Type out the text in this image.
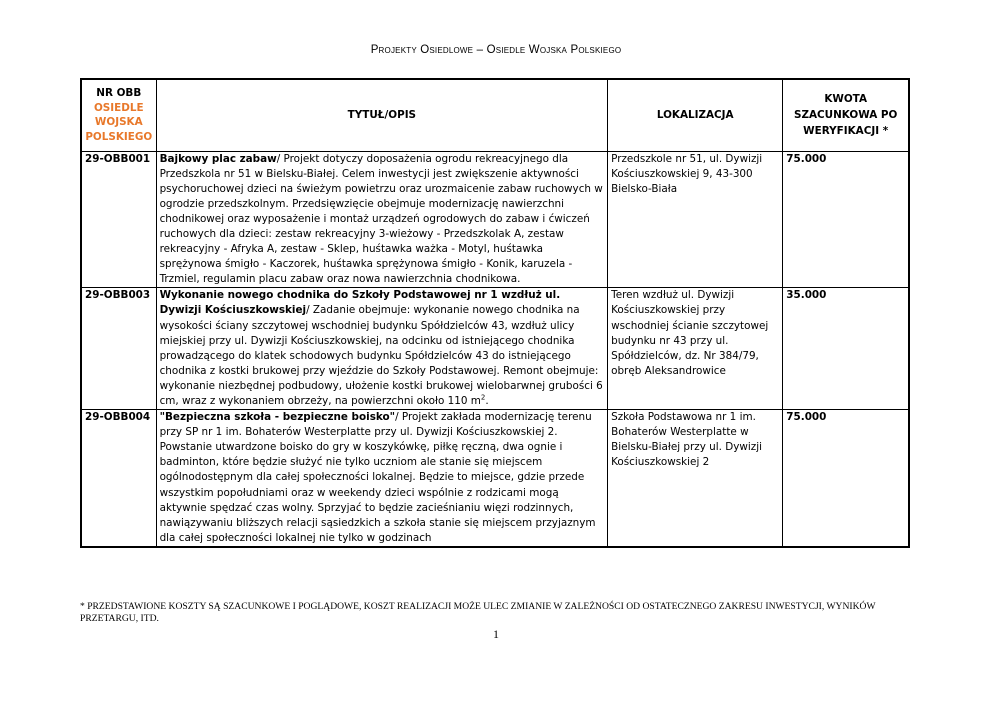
Projekty Osiedlowe – Osiedle Wojska Polskiego
NR OBB
OSIEDLE WOJSKA POLSKIEGO	TYTUŁ/OPIS	LOKALIZACJA	KWOTA SZACUNKOWA PO WERYFIKACJI *
29-OBB001	Bajkowy plac zabaw/ Projekt dotyczy doposażenia ogrodu rekreacyjnego dla Przedszkola nr 51 w Bielsku-Białej. Celem inwestycji jest zwiększenie aktywności psychoruchowej dzieci na świeżym powietrzu oraz urozmaicenie zabaw ruchowych w ogrodzie przedszkolnym. Przedsięwzięcie obejmuje modernizację nawierzchni chodnikowej oraz wyposażenie i montaż urządzeń ogrodowych do zabaw i ćwiczeń ruchowych dla dzieci: zestaw rekreacyjny 3-wieżowy - Przedszkolak A, zestaw rekreacyjny - Afryka A, zestaw - Sklep, huśtawka ważka - Motyl, huśtawka sprężynowa śmigło - Kaczorek, huśtawka sprężynowa śmigło - Konik, karuzela - Trzmiel, regulamin placu zabaw oraz nowa nawierzchnia chodnikowa.	Przedszkole nr 51, ul. Dywizji Kościuszkowskiej 9, 43-300 Bielsko-Biała	75.000
29-OBB003	Wykonanie nowego chodnika do Szkoły Podstawowej nr 1 wzdłuż ul. Dywizji Kościuszkowskiej/ Zadanie obejmuje: wykonanie nowego chodnika na wysokości ściany szczytowej wschodniej budynku Spółdzielców 43, wzdłuż ulicy miejskiej przy ul. Dywizji Kościuszkowskiej, na odcinku od istniejącego chodnika prowadzącego do klatek schodowych budynku Spółdzielców 43 do istniejącego chodnika z kostki brukowej przy wjeździe do Szkoły Podstawowej. Remont obejmuje: wykonanie niezbędnej podbudowy, ułożenie kostki brukowej wielobarwnej grubości 6 cm, wraz z wykonaniem obrzeży, na powierzchni około 110 $m^2$.	Teren wzdłuż ul. Dywizji Kościuszkowskiej przy wschodniej ścianie szczytowej budynku nr 43 przy ul. Spółdzielców, dz. Nr 384/79, obręb Aleksandrowice	35.000
29-OBB004	"Bezpieczna szkoła - bezpieczne boisko"/ Projekt zakłada modernizację terenu przy SP nr 1 im. Bohaterów Westerplatte przy ul. Dywizji Kościuszkowskiej 2. Powstanie utwardzone boisko do gry w koszykówkę, piłkę ręczną, dwa ognie i badminton, które będzie służyć nie tylko uczniom ale stanie się miejscem ogólnodostępnym dla całej społeczności lokalnej. Będzie to miejsce, gdzie przede wszystkim popołudniami oraz w weekendy dzieci wspólnie z rodzicami mogą aktywnie spędzać czas wolny. Sprzyjać to będzie zacieśnianiu więzi rodzinnych, nawiązywaniu bliższych relacji sąsiedzkich a szkoła stanie się miejscem przyjaznym dla całej społeczności lokalnej nie tylko w godzinach	Szkoła Podstawowa nr 1 im. Bohaterów Westerplatte w Bielsku-Białej przy ul. Dywizji Kościuszkowskiej 2	75.000
* PRZEDSTAWIONE KOSZTY SĄ SZACUNKOWE I POGLĄDOWE, KOSZT REALIZACJI MOŻE ULEC ZMIANIE W ZALEŻNOŚCI OD OSTATECZNEGO ZAKRESU INWESTYCJI, WYNIKÓW PRZETARGU, ITD.
1
